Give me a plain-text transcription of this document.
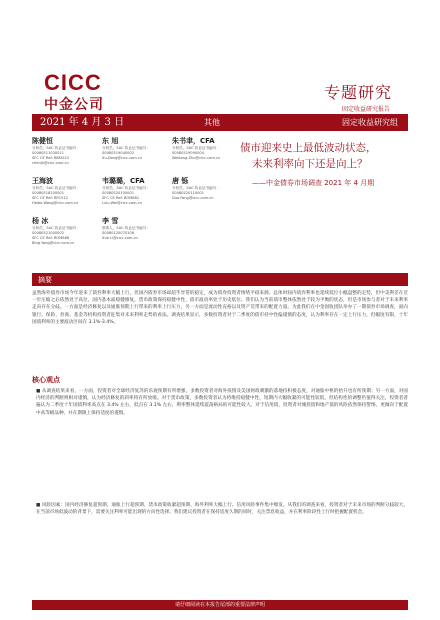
CICC
中金公司
专题研究
固定收益研究报告
2021 年 4 月 3 日	其他	固定收益研究组
陈健恒
分析员，SAC 执业证书编号：
S0080511030011
SFC CE Ref: BBM220
chenjh@cicc.com.cn
东 旭
分析员，SAC 执业证书编号：
S0080519040002
Xu.Dong@cicc.com.cn
朱书聿，CFA
分析员，SAC 执业证书编号：
S0080519090004
Weikang.Zhu@cicc.com.cn
王海波
分析员，SAC 执业证书编号：
S0080518100001
SFC CE Ref: BPC512
Haibo.Wang@cicc.com.cn
韦璐璐，CFA
分析员，SAC 执业证书编号：
S0080520100001
SFC CE Ref: BOM881
Lulu.Wei@cicc.com.cn
唐 铄
分析员，SAC 执业证书编号：
S0080520110001
Duo.Fang@cicc.com.cn
杨 冰
分析员，SAC 执业证书编号：
S0080521000002
SFC CE Ref: BOM868
Bing.Yang@cicc.com.cn
李 雪
联系人，SAC 执业证书编号：
S0080120070108
Xue.Li@cicc.com.cn
债市迎来史上最低波动状态，
未来利率向下还是向上？
——中金债券市场调查 2021 年 4 月期
摘要
虽然海外债券市场今年迎来了债券利率大幅上行，但国内债券市场却超乎异常的稳定，成为债券投资者情绪平稳来源。总体时间内债券利率也延续低位小幅盘整的走势，但中美利差在近一步压缩之后依然处于高位，国内基本面稳健修复，货币政策保持稳健中性，债市波动率处于历史低位。我们认为当前债市整体依然处于较为平衡的状态，但是市场参与者对于未来利率走向存在分歧。一方面是经济修复以及通胀预期上行带来的利率上行压力，另一方面是流动性充裕以及资产荒带来的配置力量。为此我们在中金固收团队举办了一期债券市场调查，面向银行、保险、券商、基金等机构投资者征集对未来利率走势的看法。调查结果显示，多数投资者对于二季度的债市持中性偏谨慎的态度，认为利率存在一定上行压力，但幅度有限，十年国债利率的主要波动区间在 3.1%-3.4%。
核心观点
■ 从调查结果来看，一方面，投资者对全球经济复苏的乐观预期有所增强，多数投资者对海外疫情及美国财政刺激的落地持积极态度，对通胀中枢的抬升也有所预期；另一方面，对国内经济的判断则相对谨慎，认为经济修复的斜率将有所放缓。对于货币政策，多数投资者认为将维持稳健中性，短期内大幅收紧的可能性较低，但结构性的调整仍值得关注。投资者普遍认为二季度十年国债利率高点在 3.4% 左右，低点在 3.1% 左右，利率整体延续震荡格局的可能性较大。对于信用债，投资者对城投债和地产债的风险依然保持警惕，更倾向于配置中高等级品种，并在期限上保持适度的谨慎。
■ 风险因素：国内经济修复超预期、通胀上行超预期、货币政策收紧超预期、海外利率大幅上行、信用风险事件集中爆发。从我们的调查来看，投资者对于未来市场的判断分歧较大，在当前市场低波动的背景下，需要关注利率可能出现的方向性选择。我们建议投资者在保持适度久期的同时，关注票息收益，并在利率阶段性上行时把握配置机会。
请仔细阅读在本报告尾部的重要法律声明
